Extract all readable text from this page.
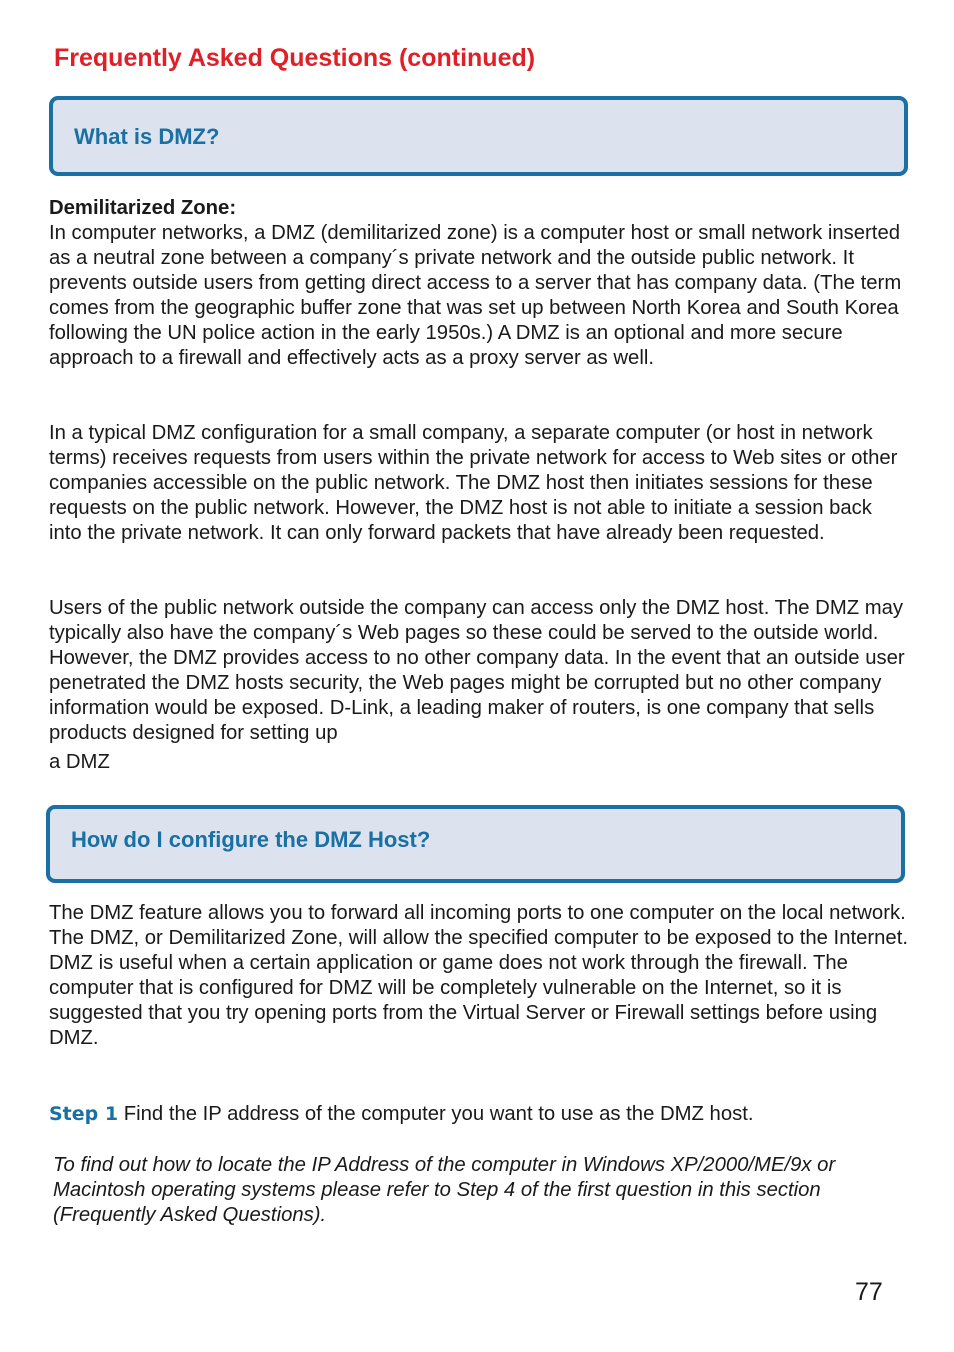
Frequently Asked Questions (continued)
What is DMZ?

Demilitarized Zone:

In computer networks, a DMZ (demilitarized zone) is a computer host or small network inserted as a neutral zone between a company´s private network and the outside public network. It prevents outside users from getting direct access to a server that has company data. (The term comes from the geographic buffer zone that was set up between North Korea and South Korea following the UN police action in the early 1950s.) A DMZ is an optional and more secure approach to a firewall and effectively acts as a proxy server as well.

In a typical DMZ configuration for a small company, a separate computer (or host in network terms) receives requests from users within the private network for access to Web sites or other companies accessible on the public network. The DMZ host then initiates sessions for these requests on the public network. However, the DMZ host is not able to initiate a session back into the private network. It can only forward packets that have already been requested.

Users of the public network outside the company can access only the DMZ host. The DMZ may typically also have the company´s Web pages so these could be served to the outside world. However, the DMZ provides access to no other company data. In the event that an outside user penetrated the DMZ hosts security, the Web pages might be corrupted but no other company information would be exposed. D-Link, a leading maker of routers, is one company that sells products designed for setting up

a DMZ

How do I configure the DMZ Host?

The DMZ feature allows you to forward all incoming ports to one computer on the local network. The DMZ, or Demilitarized Zone, will allow the specified computer to be exposed to the Internet. DMZ is useful when a certain application or game does not work through the firewall. The computer that is configured for DMZ will be completely vulnerable on the Internet, so it is suggested that you try opening ports from the Virtual Server or Firewall settings before using DMZ.

Step 1 Find the IP address of the computer you want to use as the DMZ host.

To find out how to locate the IP Address of the computer in Windows XP/2000/ME/9x or Macintosh operating systems please refer to Step 4 of the first question in this section (Frequently Asked Questions).

77
